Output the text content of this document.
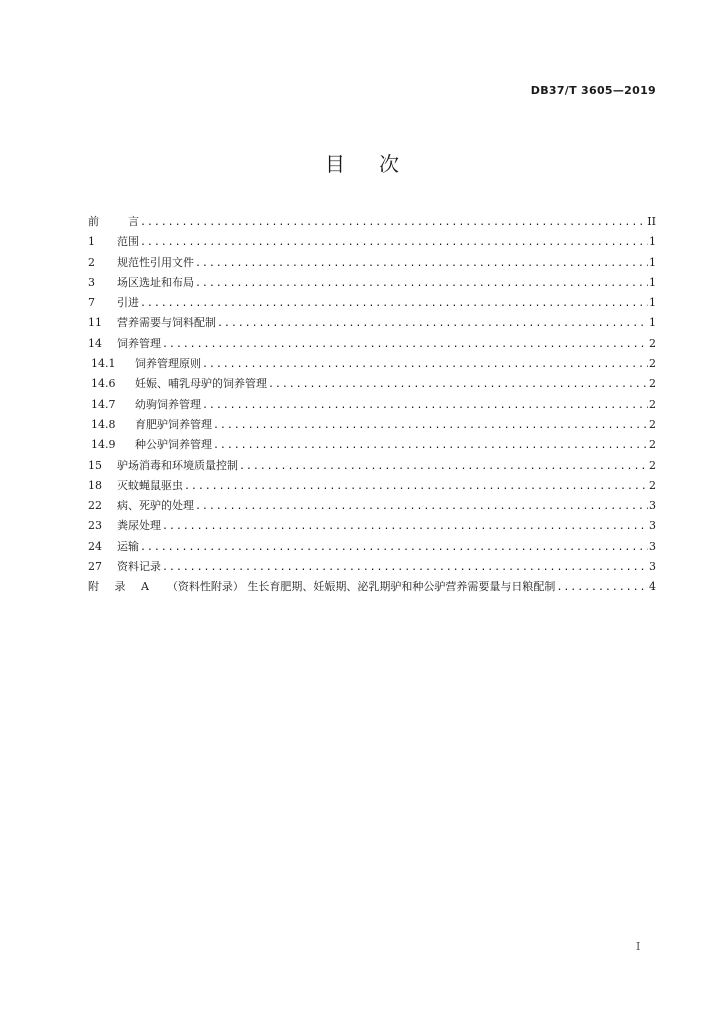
DB37/T 3605—2019
目次
前	言 .....	II
1	范围 .....	1
2	规范性引用文件 .....	1
3	场区选址和布局 .....	1
7	引进 .....	1
11	营养需要与饲料配制 .....	1
14	饲养管理 .....	2
14.1	饲养管理原则 .....	2
14.6	妊娠、哺乳母驴的饲养管理 .....	2
14.7	幼驹饲养管理 .....	2
14.8	育肥驴饲养管理 .....	2
14.9	种公驴饲养管理 .....	2
15	驴场消毒和环境质量控制 .....	2
18	灭蚊蝇鼠驱虫 .....	2
22	病、死驴的处理 .....	3
23	粪尿处理 .....	3
24	运输 .....	3
27	资料记录 .....	3
附 录 A （资料性附录） 生长育肥期、妊娠期、泌乳期驴和种公驴营养需要量与日粮配制 .....	4
I
